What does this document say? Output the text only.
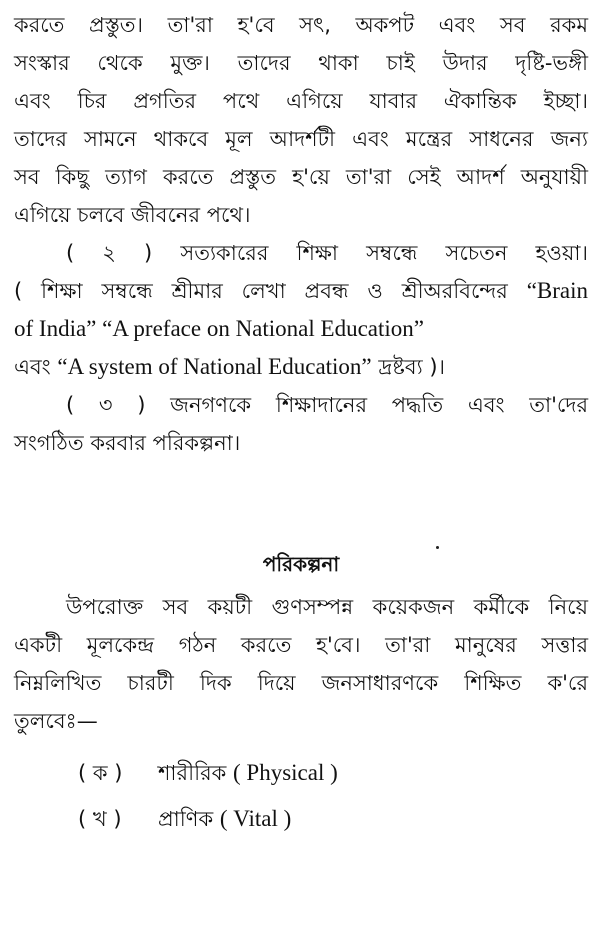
করতে প্রস্তুত। তা'রা হ'বে সৎ, অকপট এবং সব রকম
সংস্কার থেকে মুক্ত। তাদের থাকা চাই উদার দৃষ্টি-ভঙ্গী
এবং চির প্রগতির পথে এগিয়ে যাবার ঐকান্তিক ইচ্ছা।
তাদের সামনে থাকবে মূল আদর্শটী এবং মন্ত্রের সাধনের জন্য
সব কিছু ত্যাগ করতে প্রস্তুত হ'য়ে তা'রা সেই আদর্শ অনুযায়ী
এগিয়ে চলবে জীবনের পথে।
( ২ ) সত্যকারের শিক্ষা সম্বন্ধে সচেতন হওয়া।
( শিক্ষা সম্বন্ধে শ্রীমার লেখা প্রবন্ধ ও শ্রীঅরবিন্দের “Brain
of India” “A preface on National Education”
এবং “A system of National Education” দ্রষ্টব্য )।
( ৩ ) জনগণকে শিক্ষাদানের পদ্ধতি এবং তা'দের
সংগঠিত করবার পরিকল্পনা।
পরিকল্পনা
উপরোক্ত সব কয়টী গুণসম্পন্ন কয়েকজন কর্মীকে নিয়ে
একটী মূলকেন্দ্র গঠন করতে হ'বে। তা'রা মানুষের সত্তার
নিম্নলিখিত চারটী দিক দিয়ে জনসাধারণকে শিক্ষিত ক'রে
তুলবেঃ—
( ক ) শারীরিক ( Physical )
( খ ) প্রাণিক ( Vital )
